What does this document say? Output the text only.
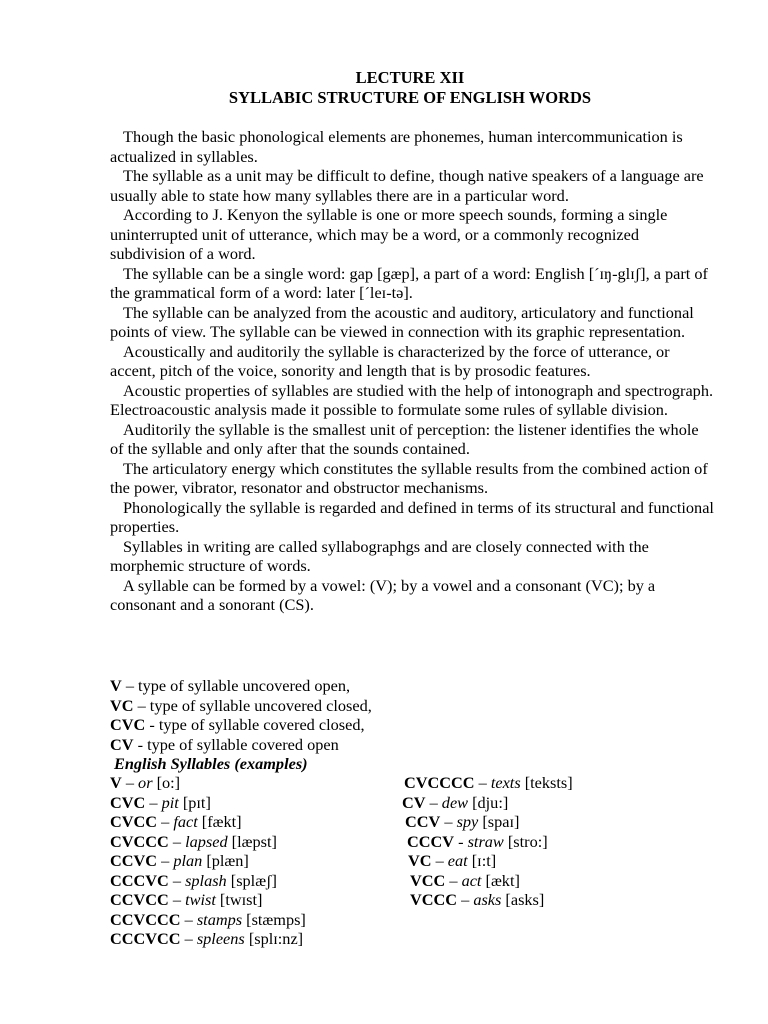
LECTURE XII
SYLLABIC STRUCTURE OF ENGLISH WORDS

Though the basic phonological elements are phonemes, human intercommunication is actualized in syllables.

The syllable as a unit may be difficult to define, though native speakers of a language are usually able to state how many syllables there are in a particular word.

According to J. Kenyon the syllable is one or more speech sounds, forming a single uninterrupted unit of utterance, which may be a word, or a commonly recognized subdivision of a word.

The syllable can be a single word: gap [gæp], a part of a word: English [´ɪŋ-glɪʃ], a part of the grammatical form of a word: later [´leɪ-tə].

The syllable can be analyzed from the acoustic and auditory, articulatory and functional points of view. The syllable can be viewed in connection with its graphic representation.

Acoustically and auditorily the syllable is characterized by the force of utterance, or accent, pitch of the voice, sonority and length that is by prosodic features.

Acoustic properties of syllables are studied with the help of intonograph and spectrograph. Electroacoustic analysis made it possible to formulate some rules of syllable division.

Auditorily the syllable is the smallest unit of perception: the listener identifies the whole of the syllable and only after that the sounds contained.

The articulatory energy which constitutes the syllable results from the combined action of the power, vibrator, resonator and obstructor mechanisms.

Phonologically the syllable is regarded and defined in terms of its structural and functional properties.

Syllables in writing are called syllabographgs and are closely connected with the morphemic structure of words.

A syllable can be formed by a vowel: (V); by a vowel and a consonant (VC); by a consonant and a sonorant (CS).

V – type of syllable uncovered open,
VC – type of syllable uncovered closed,
CVC - type of syllable covered closed,
CV - type of syllable covered open
English Syllables (examples)
V – or [o:]
CVC – pit [pɪt]
CVCC – fact [fækt]
CVCCC – lapsed [læpst]
CCVC – plan [plæn]
CCCVC – splash [splæʃ]
CCVCC – twist [twɪst]
CCVCCC – stamps [stæmps]
CCCVCC – spleens [splɪ:nz]
CVCCCC – texts [teksts]
CV – dew [dju:]
CCV – spy [spaɪ]
CCCV - straw [stro:]
VC – eat [ɪ:t]
VCC – act [ækt]
VCCC – asks [asks]
